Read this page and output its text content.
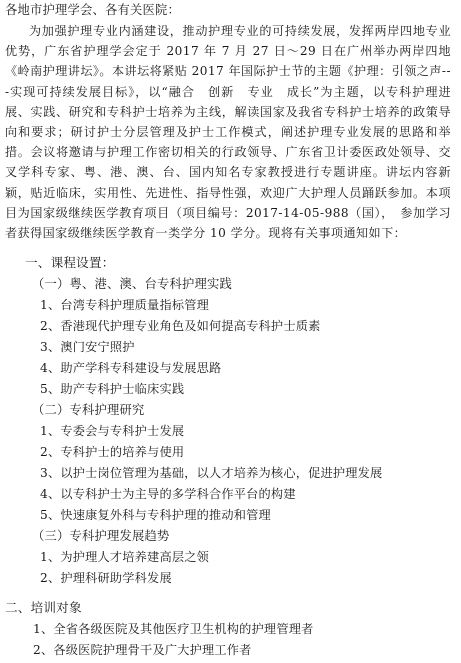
各地市护理学会、各有关医院：
为加强护理专业内涵建设，推动护理专业的可持续发展，发挥两岸四地专业优势，广东省护理学会定于 2017 年 7 月 27 日～29 日在广州举办两岸四地《岭南护理讲坛》。本讲坛将紧贴 2017 年国际护士节的主题《护理：引领之声---实现可持续发展目标》，以“融合　创新　专业　成长”为主题，以专科护理进展、实践、研究和专科护士培养为主线，解读国家及我省专科护士培养的政策导向和要求；研讨护士分层管理及护士工作模式，阐述护理专业发展的思路和举措。会议将邀请与护理工作密切相关的行政领导、广东省卫计委医政处领导、交叉学科专家、粤、港、澳、台、国内知名专家教授进行专题讲座。讲坛内容新颖，贴近临床，实用性、先进性、指导性强，欢迎广大护理人员踊跃参加。本项目为国家级继续医学教育项目（项目编号：2017-14-05-988（国），　参加学习者获得国家级继续医学教育一类学分 10 学分。现将有关事项通知如下：
一、课程设置：
（一）粤、港、澳、台专科护理实践
1、台湾专科护理质量指标管理
2、香港现代护理专业角色及如何提高专科护士质素
3、澳门安宁照护
4、助产学科专科建设与发展思路
5、助产专科护士临床实践
（二）专科护理研究
1、专委会与专科护士发展
2、专科护士的培养与使用
3、以护士岗位管理为基础，以人才培养为核心，促进护理发展
4、以专科护士为主导的多学科合作平台的构建
5、快速康复外科与专科护理的推动和管理
（三）专科护理发展趋势
1、为护理人才培养建高层之领
2、护理科研助学科发展
二、培训对象
1、全省各级医院及其他医疗卫生机构的护理管理者
2、各级医院护理骨干及广大护理工作者
